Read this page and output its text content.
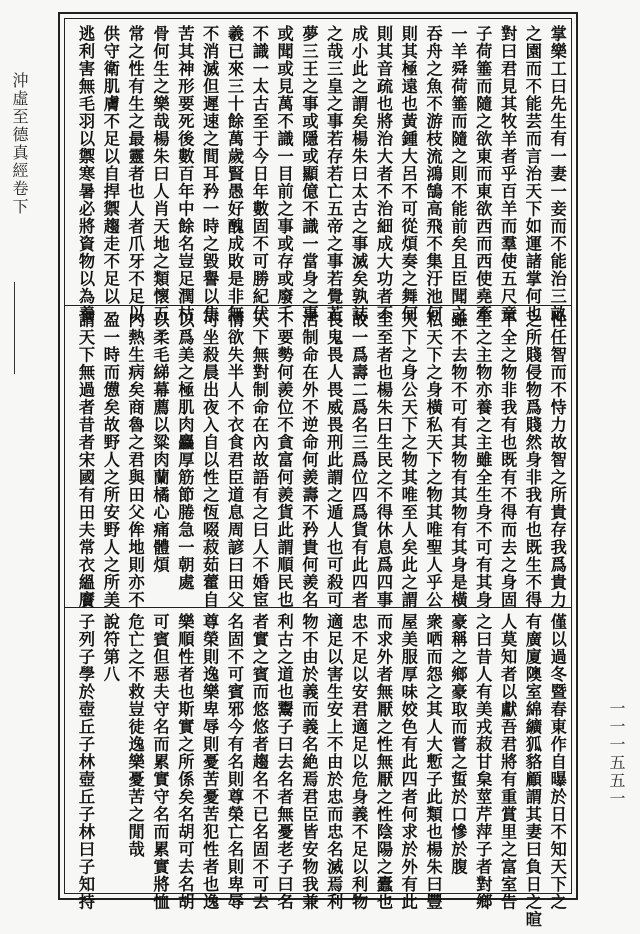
沖虛至德真經卷下	掌樂工曰先生有一妻一妾而不能治三畝
之園而不能芸而言治天下如運諸掌何也
對曰君見其牧羊者乎百羊而羣使五尺童
子荷箠而隨之欲東而東欲西而西使堯牽
一羊舜荷箠而隨之則不能前矣且臣聞之
吞舟之魚不游枝流鴻鵠高飛不集汙池何
則其極遠也黃鍾大呂不可從煩奏之舞何
則其音疏也將治大者不治細成大功者不
成小此之謂矣楊朱曰太古之事滅矣孰誌
之哉三皇之事若存若亡五帝之事若覺若
夢三王之事或隱或顯億不識一當身之事
或聞或見萬不識一目前之事或存或廢千
不識一太古至于今日年數固不可勝紀伏
羲已來三十餘萬歲賢愚好醜成敗是非無
不消滅但遲速之間耳矜一時之毀譽以焦
苦其神形要死後數百年中餘名豈足潤枯
骨何生之樂哉楊朱曰人肖天地之類懷五
常之性有生之最靈者也人者爪牙不足以
供守衛肌膚不足以自捍禦趨走不足以
逃利害無毛羽以禦寒暑必將資物以為養
性任智而不恃力故智之所貴存我爲貴力
之所賤侵物爲賤然身非我有也既生不得
不全之物非我有也既有不得而去之身固
生之主物亦養之主雖全生身不可有其身
雖不去物不可有其物有其物有其身是橫
私天下之身橫私天下之物其唯聖人乎公
天下之身公天下之物其唯至人矣此之謂
至至者也楊朱曰生民之不得休息爲四事
故一爲壽二爲名三爲位四爲貨有此四者
畏鬼畏人畏威畏刑此謂之遁人也可殺可
活制命在外不逆命何羨壽不矜貴何羨名
不要勢何羨位不貪富何羨貨此謂順民也
天下無對制命在內故語有之曰人不婚宦
情欲失半人不衣食君臣道息周諺曰田父
可坐殺晨出夜入自以性之恆啜菽茹藿自
以爲美之極肌肉麤厚筋節腃急一朝處
以柔毛綈幕薦以粱肉蘭橘心痛體煩
内熱生病矣商魯之君與田父侔地則亦不
盈一時而憊矣故野人之所安野人之所美
謂天下無過者昔者宋國有田夫常衣縕黂
僅以過冬暨春東作自曝於日不知天下之
有廣廈隩室綿纊狐貉顧謂其妻曰負日之暄
人莫知者以獻吾君將有重賞里之富室告
之曰昔人有美戎菽甘枲莖芹萍子者對鄉
豪稱之鄉豪取而嘗之蜇於口慘於腹
衆哂而怨之其人大慙子此類也楊朱曰豐
屋美服厚味姣色有此四者何求於外有此
而求外者無厭之性無厭之性陰陽之蠹也
忠不足以安君適足以危身義不足以利物
適足以害生安上不由於忠而忠名滅焉利
物不由於義而義名絶焉君臣皆安物我兼
利古之道也鬻子曰去名者無憂老子曰名
者實之賓而悠悠者趨名不已名固不可去
名固不可賓邪今有名則尊榮亡名則卑辱
尊榮則逸樂卑辱則憂苦憂苦犯性者也逸
樂順性者也斯實之所係矣名胡可去名胡
可賓但惡夫守名而累實守名而累實將恤
危亡之不救豈徒逸樂憂苦之閒哉
說符第八
子列子學於壺丘子林壺丘子林曰子知持	一一一五五一
